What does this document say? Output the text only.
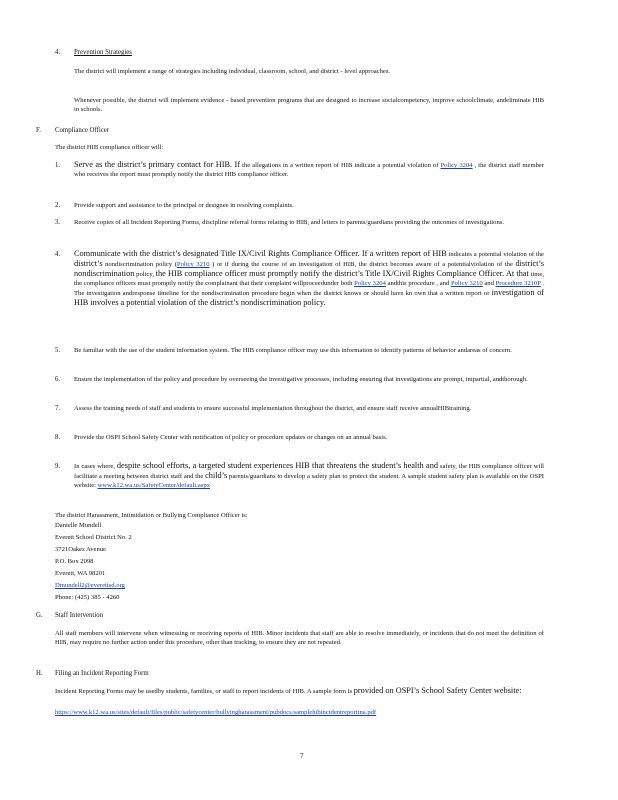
4. Prevention Strategies
The district will implement a range of strategies including individual, classroom, school, and district - level approaches.
Whenever possible, the district will implement evidence - based prevention programs that are designed to increase socialcompetency, improve schoolclimate, andeliminate HIB in schools.
F. Compliance Officer
The district HIB compliance officer will:
1. Serve as the district’s primary contact for HIB. If the allegations in a written report of HIB indicate a potential violation of Policy 3204 , the district staff member who receives the report must promptly notify the district HIB compliance officer.
2. Provide support and assistance to the principal or designee in resolving complaints.
3. Receive copies of all Incident Reporting Forms, discipline referral forms relating to HIB, and letters to parents/guardians providing the outcomes of investigations.
4. Communicate with the district’s designated Title IX/Civil Rights Compliance Officer. If a written report of HIB indicates a potential violation of the district’s nondiscrimination policy (Policy 3210 ) or if during the course of an investigation of HIB, the district becomes aware of a potentialviolation of the district’s nondiscrimination policy, the HIB compliance officer must promptly notify the district’s Title IX/Civil Rights Compliance Officer. At that time, the compliance officers must promptly notify the complainant that their complaint willproceedunder both Policy 3204 andthis procedure , and Policy 3210 and Procedure 3210P . The investigation andresponse timeline for the nondiscrimination procedure begin when the district knows or should have kn own that a written report or investigation of HIB involves a potential violation of the district’s nondiscrimination policy.
5. Be familiar with the use of the student information system. The HIB compliance officer may use this information to identify patterns of behavior andareas of concern.
6. Ensure the implementation of the policy and procedure by overseeing the investigative processes, including ensuring that investigations are prompt, impartial, andthorough.
7. Assess the training needs of staff and students to ensure successful implementation throughout the district, and ensure staff receive annualHIBtraining.
8. Provide the OSPI School Safety Center with notification of policy or procedure updates or changes on an annual basis.
9. In cases where, despite school efforts, a targeted student experiences HIB that threatens the student’s health and safety, the HIB compliance officer will facilitate a meeting between district staff and the child’s parents/guardians to develop a safety plan to protect the student. A sample student safety plan is available on the OSPI website: www.k12.wa.us/SafetyCenter/default.aspx
The district Harassment, Intimidation or Bullying Compliance Officer is:
Danielle Mundell
Everett School District No. 2
3721Oakes Avenue
P.O. Box 2098
Everett, WA 98201
Dmundell2@everettsd.org
Phone: (425) 385 - 4260
G. Staff Intervention
All staff members will intervene when witnessing or receiving reports of HIB. Minor incidents that staff are able to resolve immediately, or incidents that do not meet the definition of HIB, may require no further action under this procedure, other than tracking, to ensure they are not repeated.
H. Filing an Incident Reporting Form
Incident Reporting Forms may be usedby students, families, or staff to report incidents of HIB. A sample form is provided on OSPI’s School Safety Center website:
https://www.k12.wa.us/sites/default/files/public/safetycenter/bullyingharassment/pubdocs/samplehibincidentreportina.pdf
7
